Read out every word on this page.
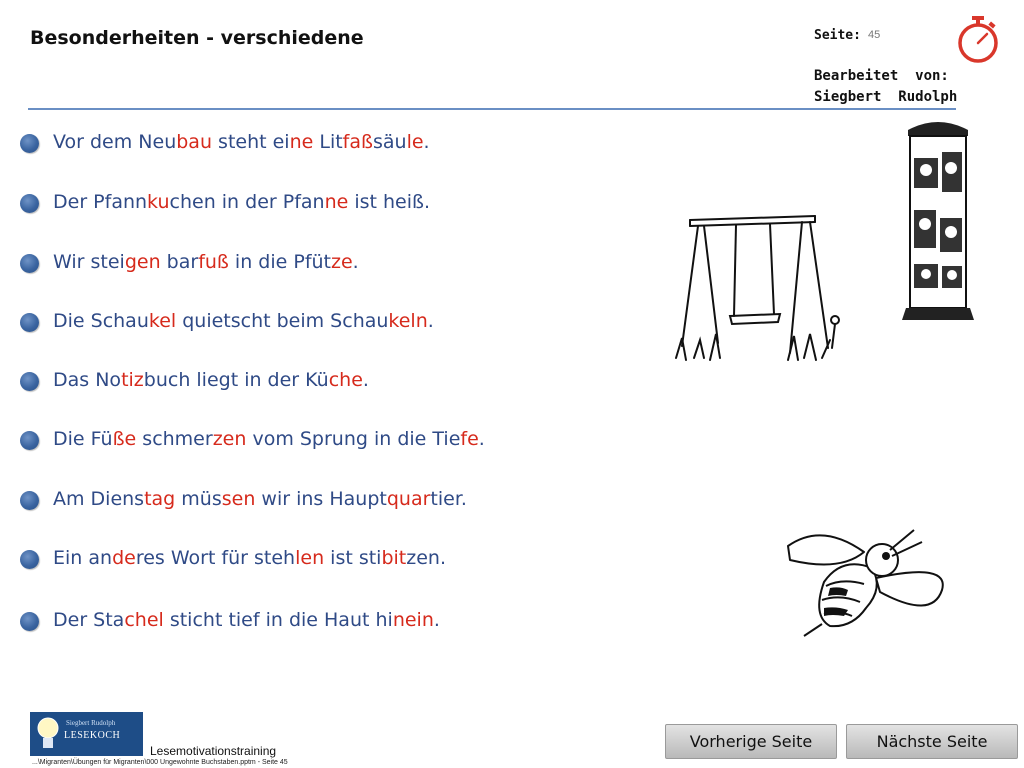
Besonderheiten - verschiedene	Seite: 45
Bearbeitet  von:
Siegbert  Rudolph
Vor dem Neubau steht eine Litfaßsäule.
Der Pfannkuchen in der Pfanne ist heiß.
Wir steigen barfuß in die Pfütze.
Die Schaukel quietscht beim Schaukeln.
Das Notizbuch liegt in der Küche.
Die Füße schmerzen vom Sprung in die Tiefe.
Am Dienstag müssen wir ins Hauptquartier.
Ein anderes Wort für stehlen ist stibitzen.
Der Stachel sticht tief in die Haut hinein.
Siegbert Rudolph
LESEKOCH
Lesemotivationstraining
...\Migranten\Übungen für Migranten\000 Ungewohnte Buchstaben.pptm - Seite 45
Vorherige Seite	Nächste Seite
